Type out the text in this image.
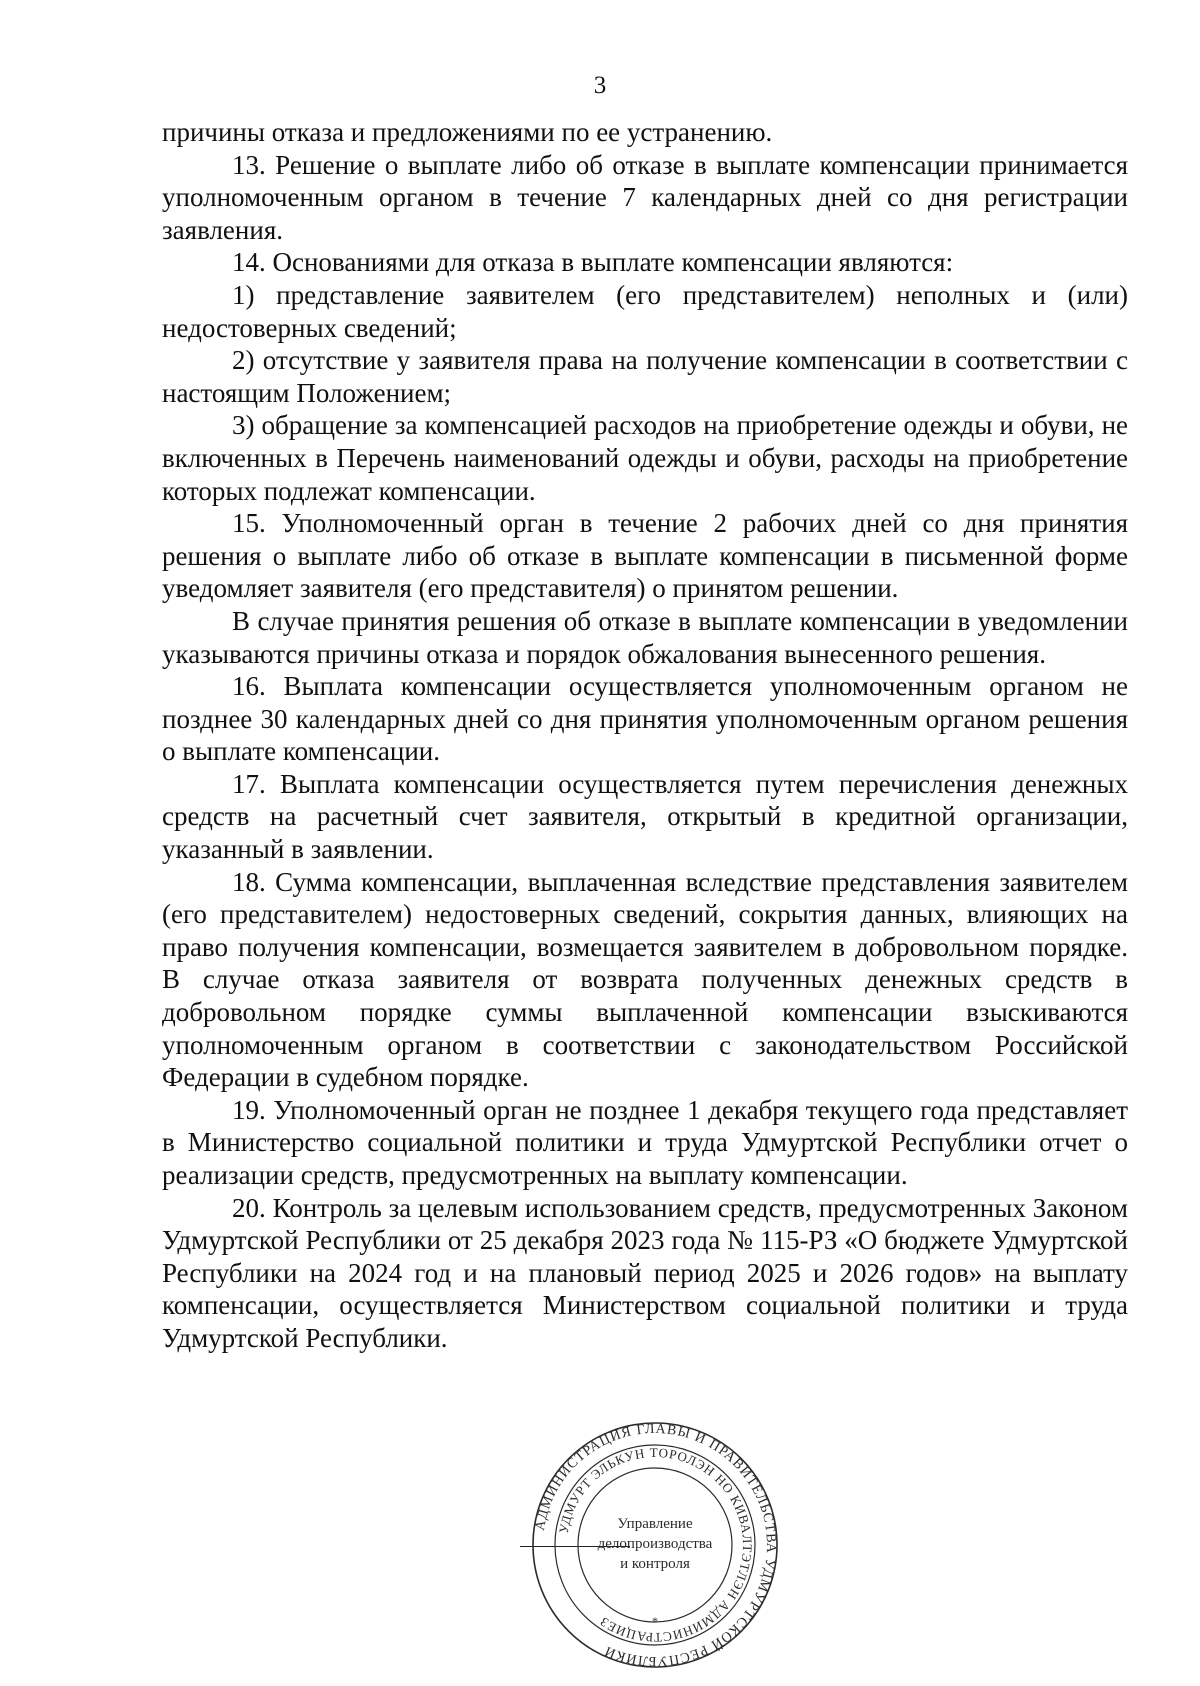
3

причины отказа и предложениями по ее устранению.

13. Решение о выплате либо об отказе в выплате компенсации принимается уполномоченным органом в течение 7 календарных дней со дня регистрации заявления.

14. Основаниями для отказа в выплате компенсации являются:

1) представление заявителем (его представителем) неполных и (или) недостоверных сведений;

2) отсутствие у заявителя права на получение компенсации в соответствии с настоящим Положением;

3) обращение за компенсацией расходов на приобретение одежды и обуви, не включенных в Перечень наименований одежды и обуви, расходы на приобретение которых подлежат компенсации.

15. Уполномоченный орган в течение 2 рабочих дней со дня принятия решения о выплате либо об отказе в выплате компенсации в письменной форме уведомляет заявителя (его представителя) о принятом решении.

В случае принятия решения об отказе в выплате компенсации в уведомлении указываются причины отказа и порядок обжалования вынесенного решения.

16. Выплата компенсации осуществляется уполномоченным органом не позднее 30 календарных дней со дня принятия уполномоченным органом решения о выплате компенсации.

17. Выплата компенсации осуществляется путем перечисления денежных средств на расчетный счет заявителя, открытый в кредитной организации, указанный в заявлении.

18. Сумма компенсации, выплаченная вследствие представления заявителем (его представителем) недостоверных сведений, сокрытия данных, влияющих на право получения компенсации, возмещается заявителем в добровольном порядке. В случае отказа заявителя от возврата полученных денежных средств в добровольном порядке суммы выплаченной компенсации взыскиваются уполномоченным органом в соответствии с законодательством Российской Федерации в судебном порядке.

19. Уполномоченный орган не позднее 1 декабря текущего года представляет в Министерство социальной политики и труда Удмуртской Республики отчет о реализации средств, предусмотренных на выплату компенсации.

20. Контроль за целевым использованием средств, предусмотренных Законом Удмуртской Республики от 25 декабря 2023 года № 115-РЗ «О бюджете Удмуртской Республики на 2024 год и на плановый период 2025 и 2026 годов» на выплату компенсации, осуществляется Министерством социальной политики и труда Удмуртской Республики.

АДМИНИСТРАЦИЯ ГЛАВЫ И ПРАВИТЕЛЬСТВА УДМУРТСКОЙ РЕСПУБЛИКИ
УДМУРТ ЭЛЬКУН ТОРОЛЭН НО КИВАЛТЭТЛЭН АДМИНИСТРАЦИЕЗ
Управление
делопроизводства
и контроля
*
